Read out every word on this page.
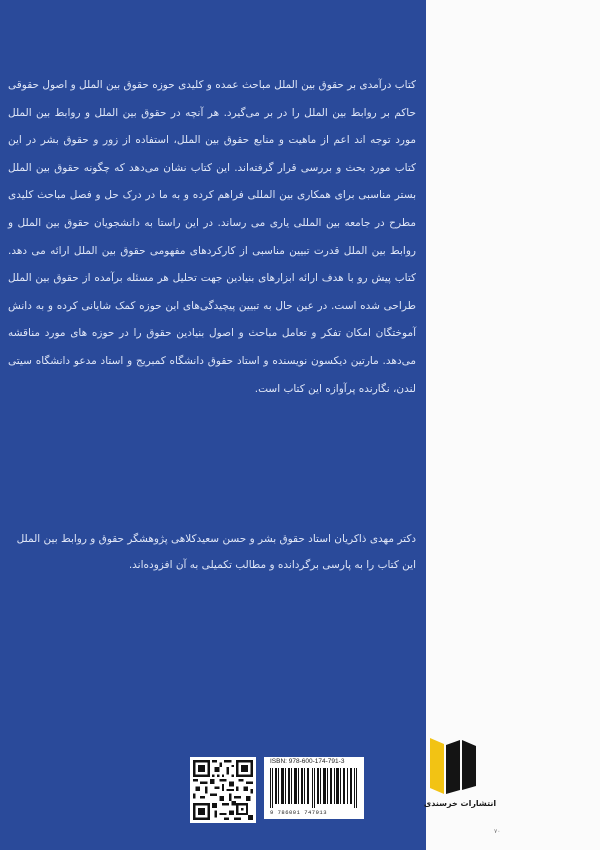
کتاب درآمدی بر حقوق بین الملل مباحث عمده و کلیدی حوزه حقوق بین الملل و اصول حقوقی حاکم بر روابط بین الملل را در بر می‌گیرد. هر آنچه در حقوق بین الملل و روابط بین الملل مورد توجه اند اعم از ماهیت و منابع حقوق بین الملل، استفاده از زور و حقوق بشر در این کتاب مورد بحث و بررسی قرار گرفته‌اند. این کتاب نشان می‌دهد که چگونه حقوق بین الملل بستر مناسبی برای همکاری بین المللی فراهم کرده و به ما در درک حل و فصل مباحث کلیدی مطرح در جامعه بین المللی یاری می رساند. در این راستا به دانشجویان حقوق بین الملل و روابط بین الملل قدرت تبیین مناسبی از کارکردهای مفهومی حقوق بین الملل ارائه می دهد. کتاب پیش رو با هدف ارائه ابزارهای بنیادین جهت تحلیل هر مسئله برآمده از حقوق بین الملل طراحی شده است. در عین حال به تبیین پیچیدگی‌های این حوزه کمک شایانی کرده و به دانش آموختگان امکان تفکر و تعامل مباحث و اصول بنیادین حقوق را در حوزه های مورد مناقشه می‌دهد. مارتین دیکسون نویسنده و استاد حقوق دانشگاه کمبریج و استاد مدعو دانشگاه سیتی لندن، نگارنده پرآوازه این کتاب است.
دکتر مهدی ذاکریان استاد حقوق بشر و حسن سعیدکلاهی پژوهشگر حقوق و روابط بین الملل این کتاب را به پارسی برگردانده و مطالب تکمیلی به آن افزوده‌اند.
ISBN: 978-600-174-791-3
9 786001 747913
انتشارات خرسندی
۷۰
